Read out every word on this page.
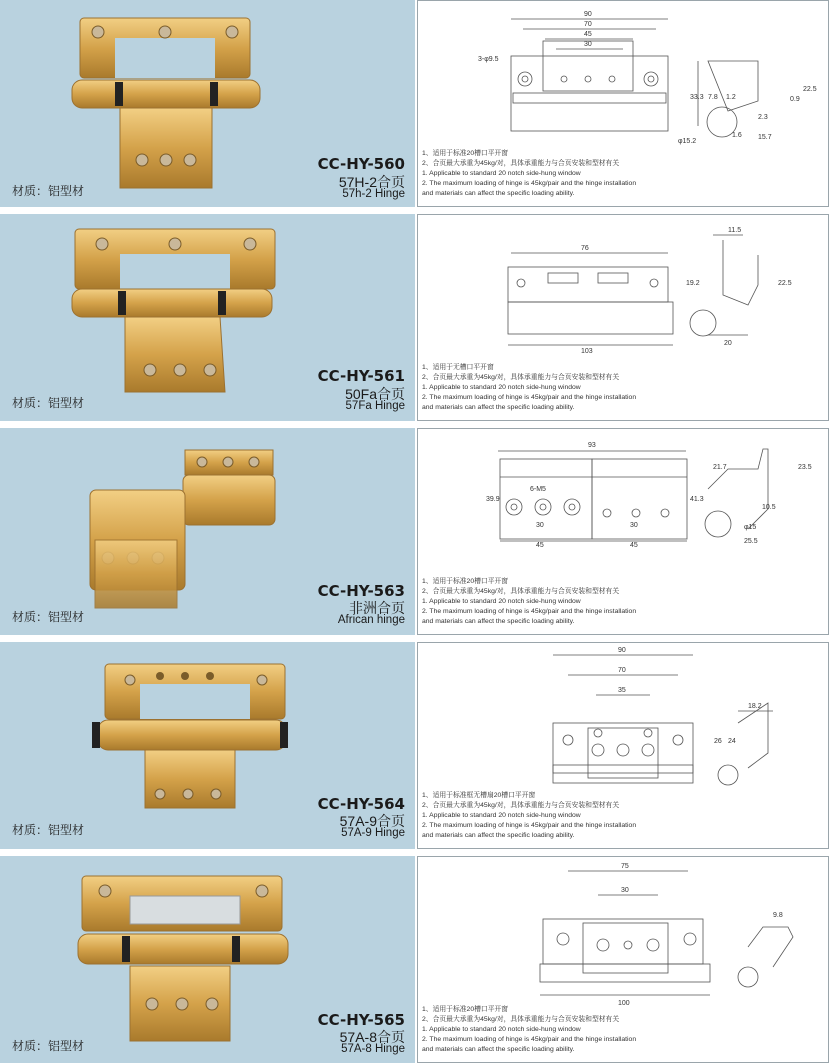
CC-HY-560
57H-2合页
57h-2 Hinge
材质：铝型材
90
70
45
30
3-φ9.5
33.3 7.8 1.2
2.3
φ15.2
1.6 15.7
22.5
0.9
1、适用于标准20槽口平开窗
2、合页最大承重为45kg/对，具体承重能力与合页安装和型材有关
1. Applicable to standard 20 notch side-hung window
2. The maximum loading of hinge is 45kg/pair and the hinge installation
and materials can affect the specific loading ability.
CC-HY-561
50Fa合页
57Fa Hinge
材质：铝型材
76
103
11.5
19.2	22.5
20
1、适用于无槽口平开窗
2、合页最大承重为45kg/对，具体承重能力与合页安装和型材有关
1. Applicable to standard 20 notch side-hung window
2. The maximum loading of hinge is 45kg/pair and the hinge installation
and materials can affect the specific loading ability.
CC-HY-563
非洲合页
African hinge
材质：铝型材
93
39.9	41.3
6-M5
30	30
45	45
21.7	23.5
10.5
φ15
25.5
1、适用于标准20槽口平开窗
2、合页最大承重为45kg/对，具体承重能力与合页安装和型材有关
1. Applicable to standard 20 notch side-hung window
2. The maximum loading of hinge is 45kg/pair and the hinge installation
and materials can affect the specific loading ability.
CC-HY-564
57A-9合页
57A-9 Hinge
材质：铝型材
90
70
35
18.2
26 24
1、适用于标准框无槽扇20槽口平开窗
2、合页最大承重为45kg/对，具体承重能力与合页安装和型材有关
1. Applicable to standard 20 notch side-hung window
2. The maximum loading of hinge is 45kg/pair and the hinge installation
and materials can affect the specific loading ability.
CC-HY-565
57A-8合页
57A-8 Hinge
材质：铝型材
75
30
100
9.8
1、适用于标准20槽口平开窗
2、合页最大承重为45kg/对，具体承重能力与合页安装和型材有关
1. Applicable to standard 20 notch side-hung window
2. The maximum loading of hinge is 45kg/pair and the hinge installation
and materials can affect the specific loading ability.
